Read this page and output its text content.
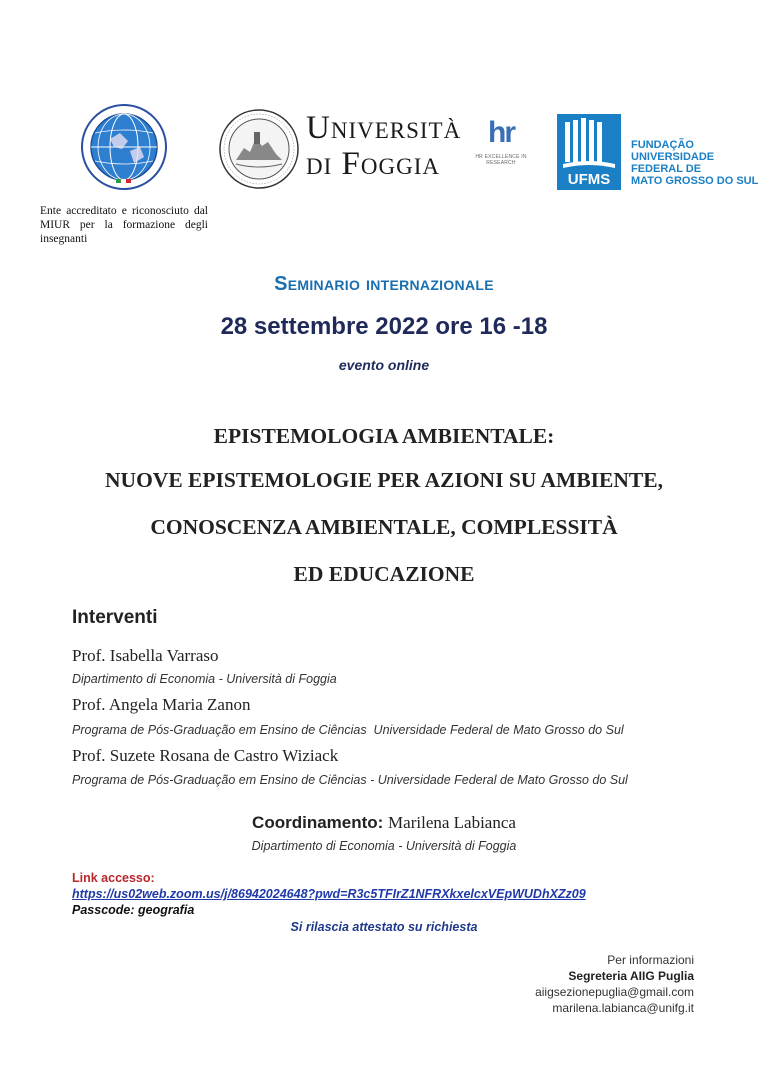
Ente accreditato e riconosciuto dal MIUR per la formazione degli insegnanti
Università
di Foggia
hr
HR EXCELLENCE IN RESEARCH
UFMS
FUNDAÇÃO
UNIVERSIDADE
FEDERAL DE
MATO GROSSO DO SUL
Seminario internazionale
28 settembre 2022 ore 16 -18
evento online
EPISTEMOLOGIA AMBIENTALE:
NUOVE EPISTEMOLOGIE PER AZIONI SU AMBIENTE,
CONOSCENZA AMBIENTALE, COMPLESSITÀ
ED EDUCAZIONE
Interventi
Prof. Isabella Varraso
Dipartimento di Economia - Università di Foggia
Prof. Angela Maria Zanon
Programa de Pós-Graduação em Ensino de Ciências  Universidade Federal de Mato Grosso do Sul
Prof. Suzete Rosana de Castro Wiziack
Programa de Pós-Graduação em Ensino de Ciências - Universidade Federal de Mato Grosso do Sul
Coordinamento: Marilena Labianca
Dipartimento di Economia - Università di Foggia
Link accesso:
https://us02web.zoom.us/j/86942024648?pwd=R3c5TFIrZ1NFRXkxelcxVEpWUDhXZz09
Passcode: geografia
Si rilascia attestato su richiesta
Per informazioni
Segreteria AIIG Puglia
aiigsezionepuglia@gmail.com
marilena.labianca@unifg.it
